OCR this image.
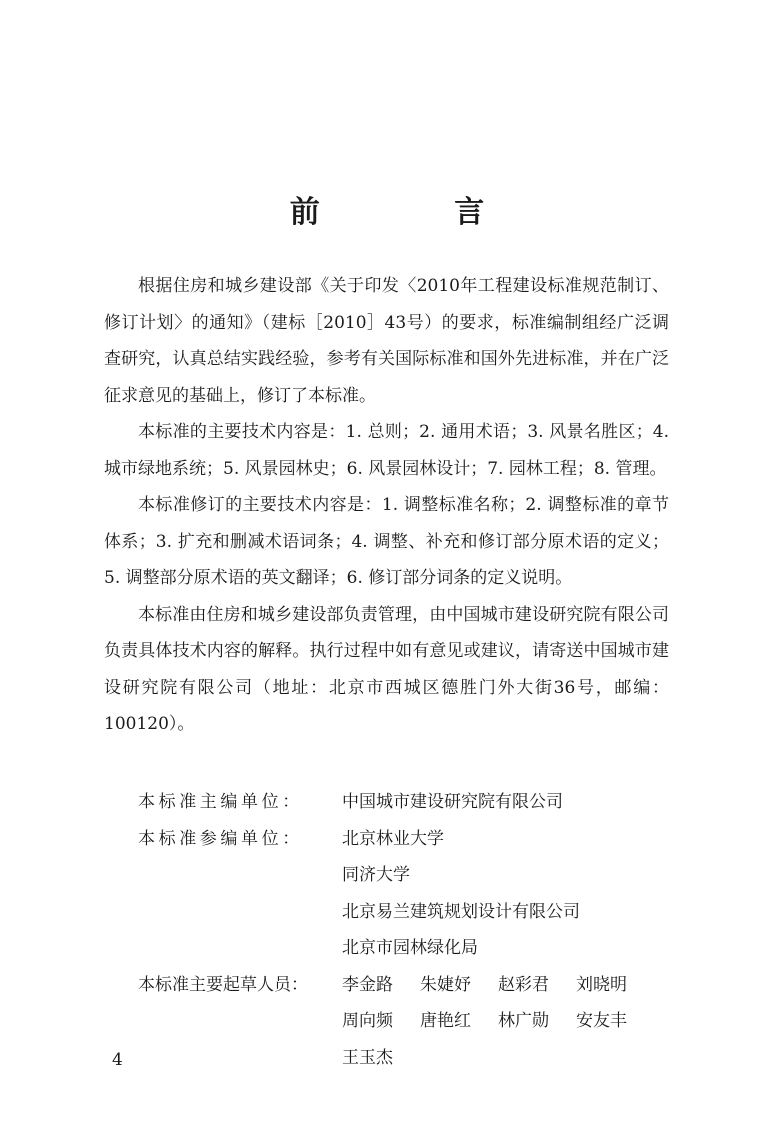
前 言

根据住房和城乡建设部《关于印发〈2010年工程建设标准规范制订、修订计划〉的通知》（建标［2010］43号）的要求，标准编制组经广泛调查研究，认真总结实践经验，参考有关国际标准和国外先进标准，并在广泛征求意见的基础上，修订了本标准。

本标准的主要技术内容是：1. 总则；2. 通用术语；3. 风景名胜区；4. 城市绿地系统；5. 风景园林史；6. 风景园林设计；7. 园林工程；8. 管理。

本标准修订的主要技术内容是：1. 调整标准名称；2. 调整标准的章节体系；3. 扩充和删减术语词条；4. 调整、补充和修订部分原术语的定义；5. 调整部分原术语的英文翻译；6. 修订部分词条的定义说明。

本标准由住房和城乡建设部负责管理，由中国城市建设研究院有限公司负责具体技术内容的解释。执行过程中如有意见或建议，请寄送中国城市建设研究院有限公司（地址：北京市西城区德胜门外大街36号，邮编：100120）。

本标准主编单位：	中国城市建设研究院有限公司
本标准参编单位：	北京林业大学
同济大学
北京易兰建筑规划设计有限公司
北京市园林绿化局
本标准主要起草人员：	李金路	朱婕妤	赵彩君	刘晓明
周向频	唐艳红	林广勋	安友丰
王玉杰
4
